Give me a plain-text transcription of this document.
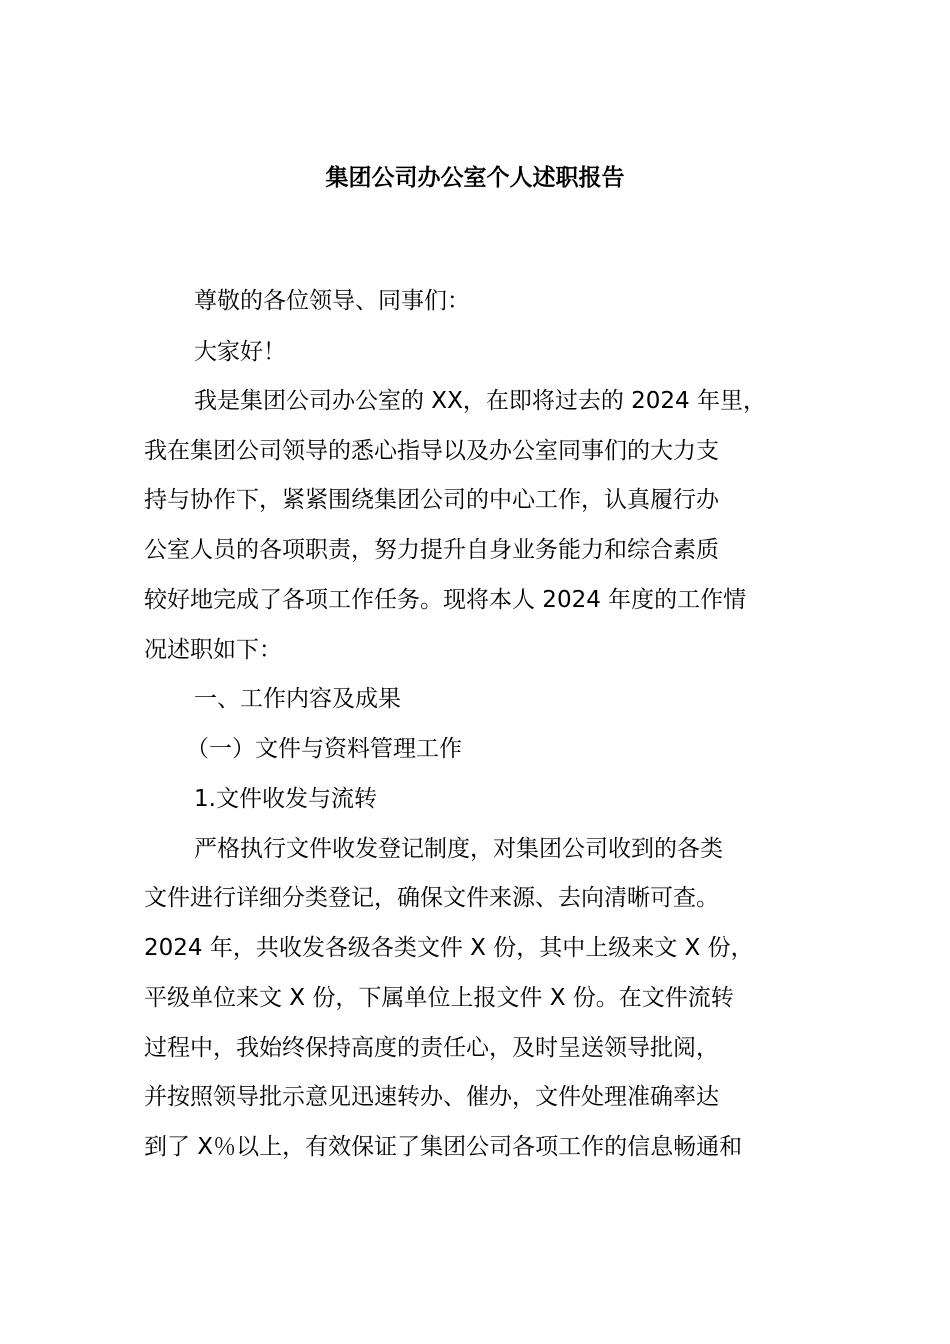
集团公司办公室个人述职报告
尊敬的各位领导、同事们：
大家好！
我是集团公司办公室的 XX，在即将过去的 2024 年里，
我在集团公司领导的悉心指导以及办公室同事们的大力支
持与协作下，紧紧围绕集团公司的中心工作，认真履行办
公室人员的各项职责，努力提升自身业务能力和综合素质
较好地完成了各项工作任务。现将本人 2024 年度的工作情
况述职如下：
一、工作内容及成果
（一）文件与资料管理工作
1.文件收发与流转
严格执行文件收发登记制度，对集团公司收到的各类
文件进行详细分类登记，确保文件来源、去向清晰可查。
2024 年，共收发各级各类文件 X 份，其中上级来文 X 份，
平级单位来文 X 份，下属单位上报文件 X 份。在文件流转
过程中，我始终保持高度的责任心，及时呈送领导批阅，
并按照领导批示意见迅速转办、催办，文件处理准确率达
到了 X％以上，有效保证了集团公司各项工作的信息畅通和
